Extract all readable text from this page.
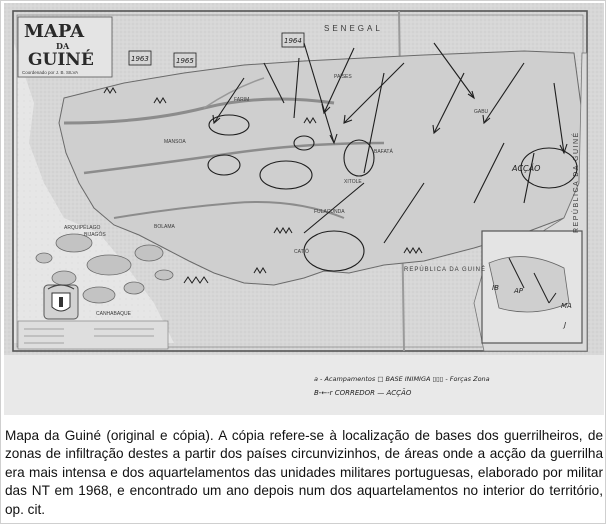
MAPA
DA
GUINÉ
Coordenado por J. B. SILVA
SENEGAL
REPÚBLICA DA GUINÉ
REPÚBLICA DA GUINÉ
PAÍSES
FARIM
GABU
ARQUIPÉLAGO
BIJAGÓS
CANHABAQUE
MANSOA
BAFATÁ
BOLAMA
CATIÓ
FULACUNDA
XITOLE
1965
1964
1963
ACÇÃO
IB AP
MA
J
a - Acampamentos □ BASE INIMIGA ▯▯▯ - Forças Zona
B-←-r CORREDOR — ACÇÃO

Mapa da Guiné (original e cópia). A cópia refere-se à localização de bases dos guerrilheiros, de zonas de infiltração destes a partir dos países circunvizinhos, de áreas onde a acção da guerrilha era mais intensa e dos aquartelamentos das unidades militares portuguesas, elaborado por militar das NT em 1968, e encontrado um ano depois num dos aquartelamentos no interior do território, op. cit.
